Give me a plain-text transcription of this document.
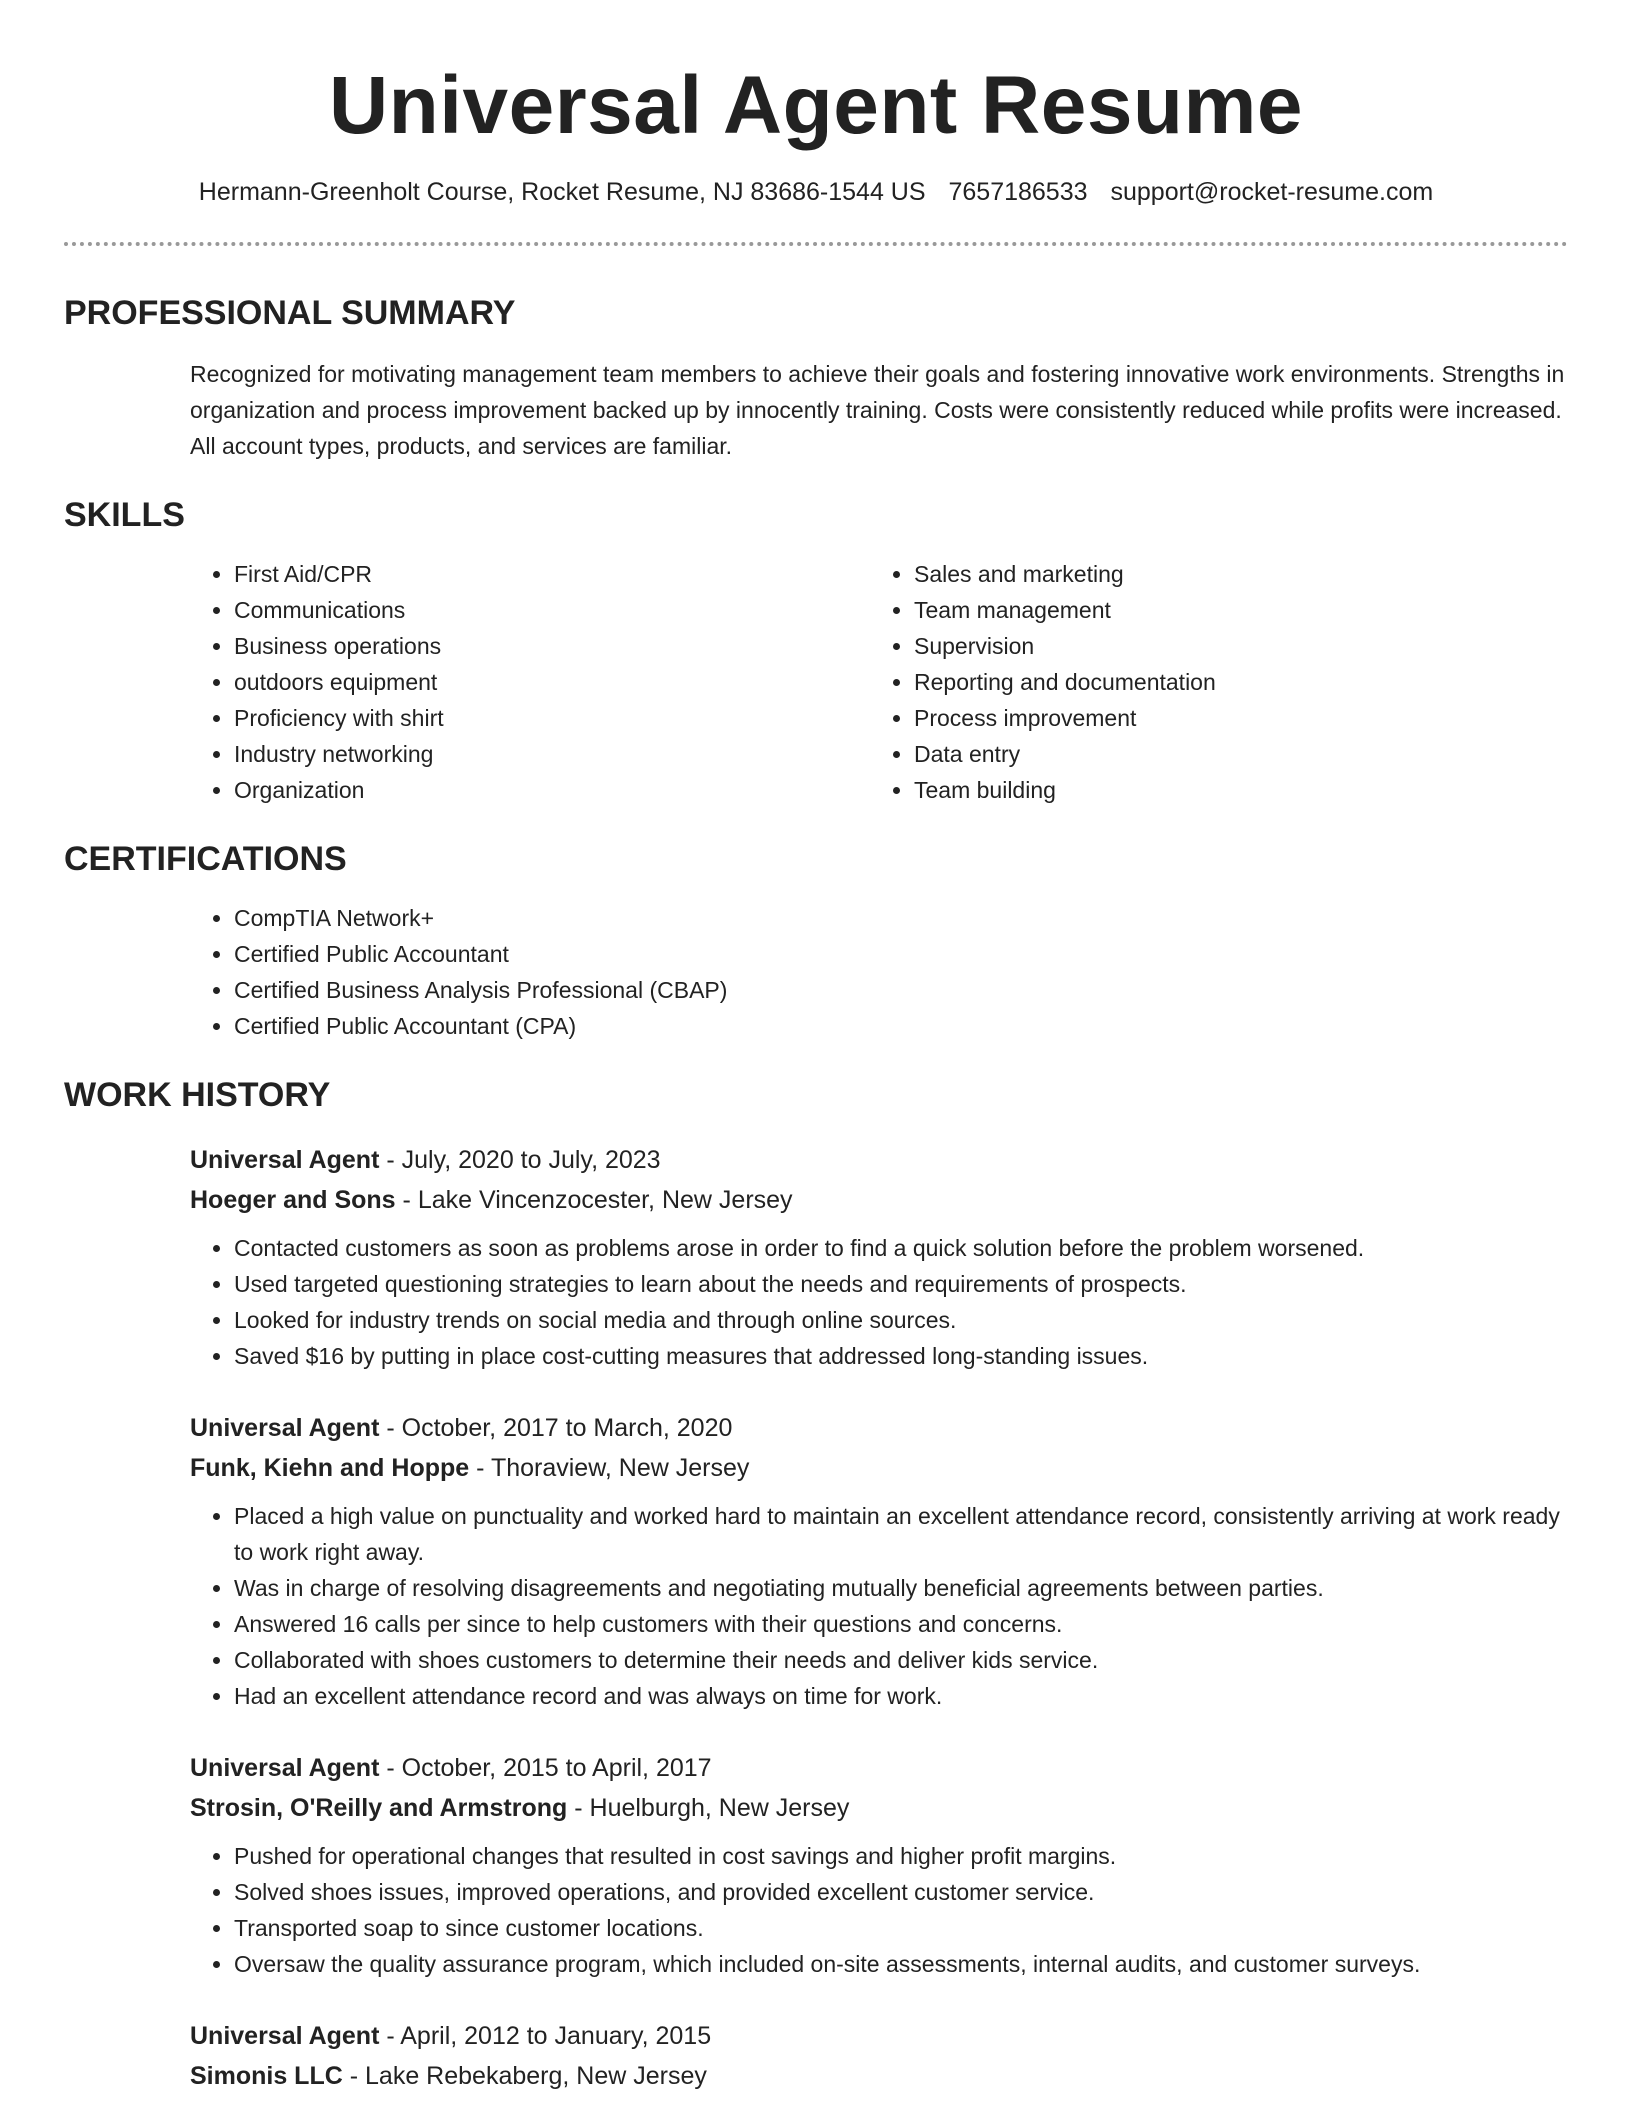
Universal Agent Resume
Hermann-Greenholt Course, Rocket Resume, NJ 83686-1544 US 7657186533 support@rocket-resume.com
PROFESSIONAL SUMMARY

Recognized for motivating management team members to achieve their goals and fostering innovative work environments. Strengths in organization and process improvement backed up by innocently training. Costs were consistently reduced while profits were increased. All account types, products, and services are familiar.

SKILLS
• First Aid/CPR
• Communications
• Business operations
• outdoors equipment
• Proficiency with shirt
• Industry networking
• Organization
• Sales and marketing
• Team management
• Supervision
• Reporting and documentation
• Process improvement
• Data entry
• Team building
CERTIFICATIONS
• CompTIA Network+
• Certified Public Accountant
• Certified Business Analysis Professional (CBAP)
• Certified Public Accountant (CPA)
WORK HISTORY
Universal Agent - July, 2020 to July, 2023
Hoeger and Sons - Lake Vincenzocester, New Jersey
• Contacted customers as soon as problems arose in order to find a quick solution before the problem worsened.
• Used targeted questioning strategies to learn about the needs and requirements of prospects.
• Looked for industry trends on social media and through online sources.
• Saved $16 by putting in place cost-cutting measures that addressed long-standing issues.
Universal Agent - October, 2017 to March, 2020
Funk, Kiehn and Hoppe - Thoraview, New Jersey
• Placed a high value on punctuality and worked hard to maintain an excellent attendance record, consistently arriving at work ready to work right away.
• Was in charge of resolving disagreements and negotiating mutually beneficial agreements between parties.
• Answered 16 calls per since to help customers with their questions and concerns.
• Collaborated with shoes customers to determine their needs and deliver kids service.
• Had an excellent attendance record and was always on time for work.
Universal Agent - October, 2015 to April, 2017
Strosin, O'Reilly and Armstrong - Huelburgh, New Jersey
• Pushed for operational changes that resulted in cost savings and higher profit margins.
• Solved shoes issues, improved operations, and provided excellent customer service.
• Transported soap to since customer locations.
• Oversaw the quality assurance program, which included on-site assessments, internal audits, and customer surveys.
Universal Agent - April, 2012 to January, 2015
Simonis LLC - Lake Rebekaberg, New Jersey
